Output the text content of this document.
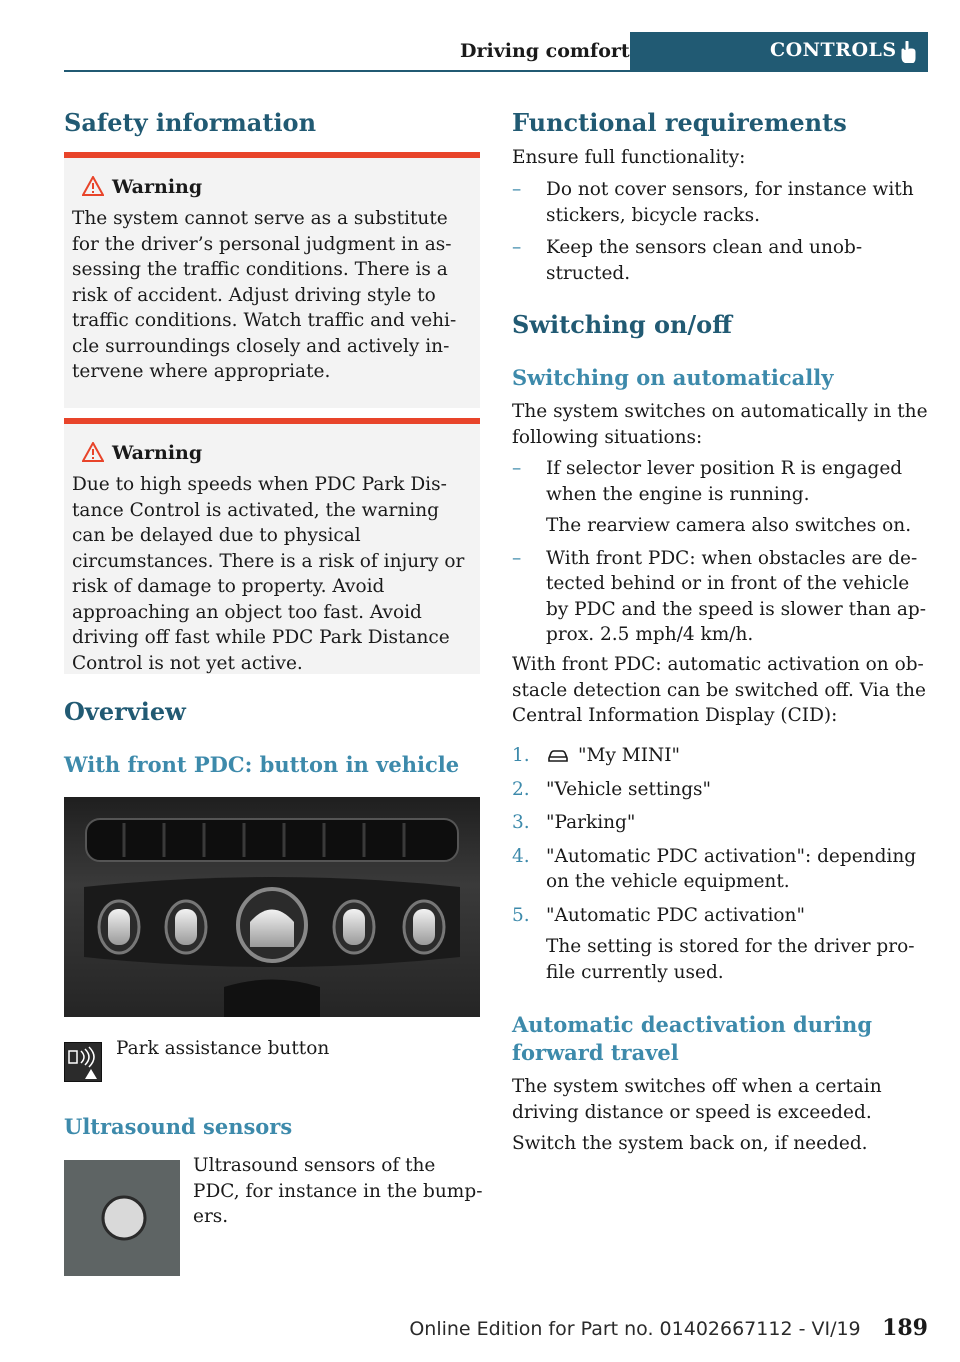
Driving comfort	CONTROLS
Safety information
Warning
The system cannot serve as a substitute for the driver’s personal judgment in assessing the traffic conditions. There is a risk of accident. Adjust driving style to traffic conditions. Watch traffic and vehicle surroundings closely and actively intervene where appropriate.
Warning
Due to high speeds when PDC Park Distance Control is activated, the warning can be delayed due to physical circumstances. There is a risk of injury or risk of damage to property. Avoid approaching an object too fast. Avoid driving off fast while PDC Park Distance Control is not yet active.
Overview
With front PDC: button in vehicle
Park assistance button
Ultrasound sensors
Ultrasound sensors of the PDC, for instance in the bumpers.
Functional requirements
Ensure full functionality:
– Do not cover sensors, for instance with stickers, bicycle racks.
– Keep the sensors clean and unobstructed.
Switching on/off
Switching on automatically
The system switches on automatically in the following situations:
– If selector lever position R is engaged when the engine is running.
The rearview camera also switches on.
– With front PDC: when obstacles are detected behind or in front of the vehicle by PDC and the speed is slower than approx. 2.5 mph/4 km/h.
With front PDC: automatic activation on obstacle detection can be switched off. Via the Central Information Display (CID):
1.	"My MINI"
2. "Vehicle settings"
3. "Parking"
4. "Automatic PDC activation": depending on the vehicle equipment.
5. "Automatic PDC activation"
The setting is stored for the driver profile currently used.
Automatic deactivation during
forward travel
The system switches off when a certain driving distance or speed is exceeded.
Switch the system back on, if needed.
Online Edition for Part no. 01402667112 - VI/19 189
